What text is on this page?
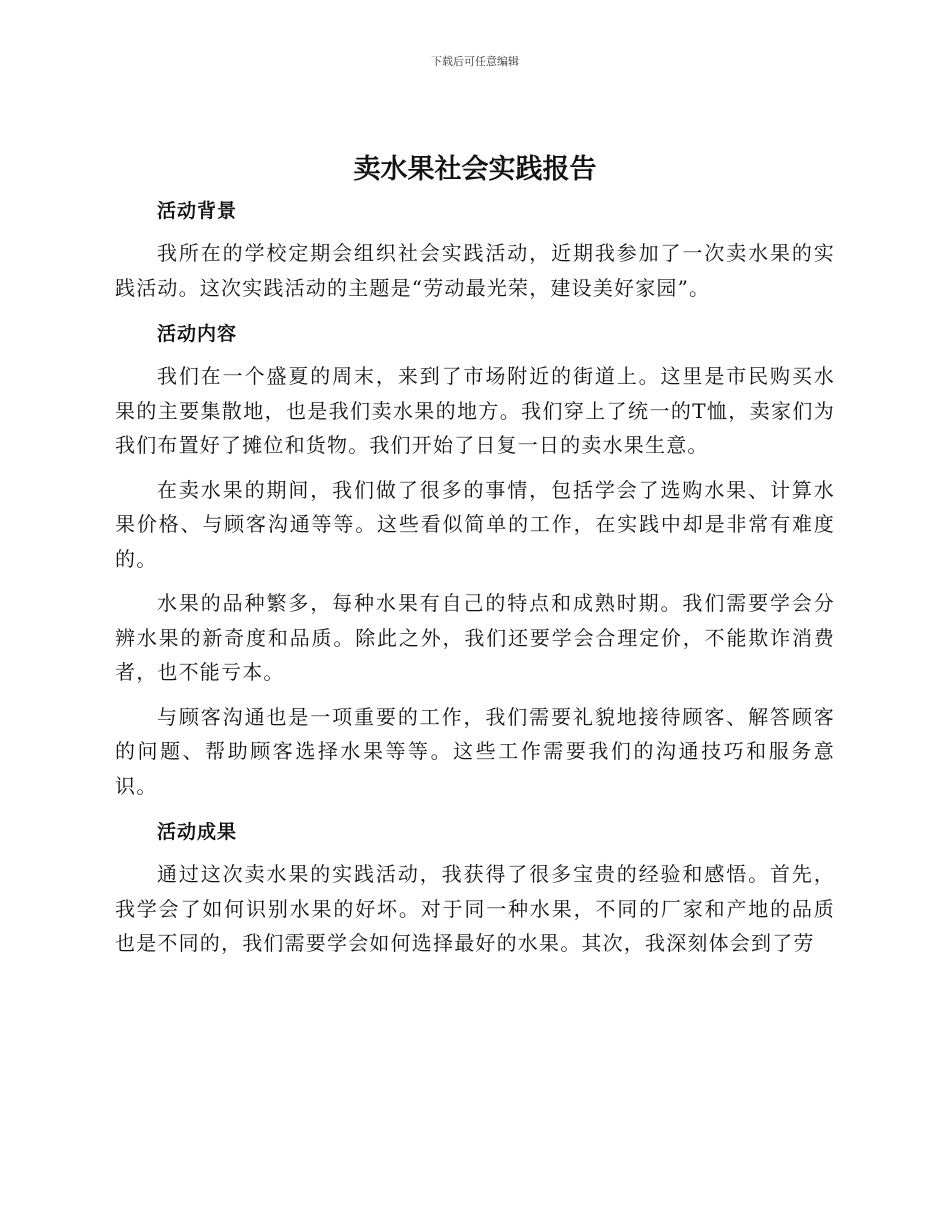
下载后可任意编辑
卖水果社会实践报告
活动背景

我所在的学校定期会组织社会实践活动，近期我参加了一次卖水果的实践活动。这次实践活动的主题是“劳动最光荣，建设美好家园”。

活动内容

我们在一个盛夏的周末，来到了市场附近的街道上。这里是市民购买水果的主要集散地，也是我们卖水果的地方。我们穿上了统一的T恤，卖家们为我们布置好了摊位和货物。我们开始了日复一日的卖水果生意。

在卖水果的期间，我们做了很多的事情，包括学会了选购水果、计算水果价格、与顾客沟通等等。这些看似简单的工作，在实践中却是非常有难度的。

水果的品种繁多，每种水果有自己的特点和成熟时期。我们需要学会分辨水果的新奇度和品质。除此之外，我们还要学会合理定价，不能欺诈消费者，也不能亏本。

与顾客沟通也是一项重要的工作，我们需要礼貌地接待顾客、解答顾客的问题、帮助顾客选择水果等等。这些工作需要我们的沟通技巧和服务意识。

活动成果

通过这次卖水果的实践活动，我获得了很多宝贵的经验和感悟。首先，我学会了如何识别水果的好坏。对于同一种水果，不同的厂家和产地的品质也是不同的，我们需要学会如何选择最好的水果。其次，我深刻体会到了劳
